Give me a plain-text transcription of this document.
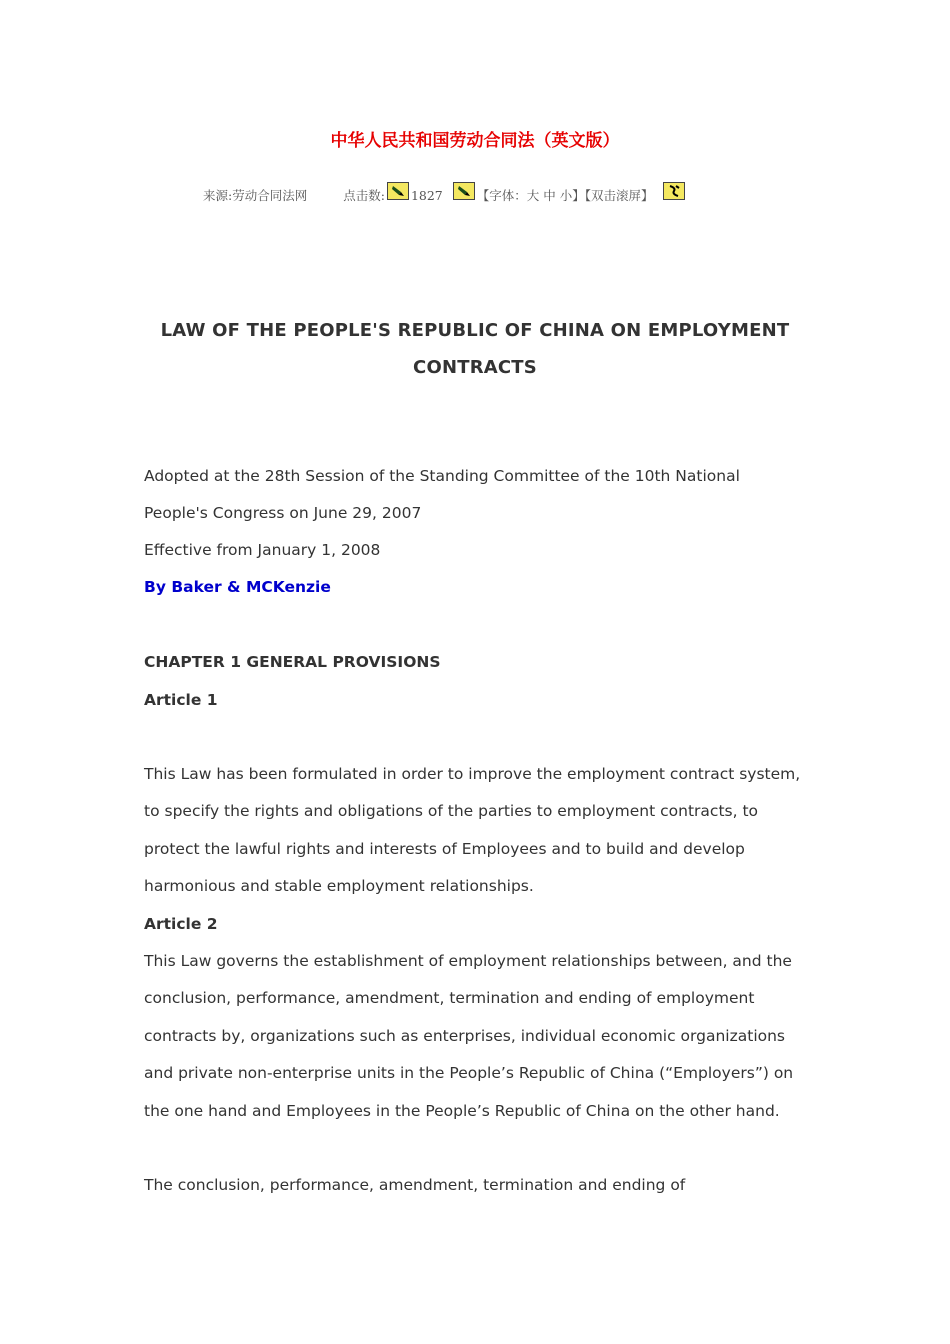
中华人民共和国劳动合同法（英文版）
来源:劳动合同法网	点击数: 1827	【字体：大 中 小】【双击滚屏】
LAW OF THE PEOPLE'S REPUBLIC OF CHINA ON EMPLOYMENT CONTRACTS

Adopted at the 28th Session of the Standing Committee of the 10th National

People's Congress on June 29, 2007

Effective from January 1, 2008

By Baker & MCKenzie

CHAPTER 1 GENERAL PROVISIONS

Article 1

This Law has been formulated in order to improve the employment contract system, to specify the rights and obligations of the parties to employment contracts, to protect the lawful rights and interests of Employees and to build and develop harmonious and stable employment relationships.

Article 2

This Law governs the establishment of employment relationships between, and the conclusion, performance, amendment, termination and ending of employment contracts by, organizations such as enterprises, individual economic organizations and private non-enterprise units in the People’s Republic of China (“Employers”) on the one hand and Employees in the People’s Republic of China on the other hand.

The conclusion, performance, amendment, termination and ending of
